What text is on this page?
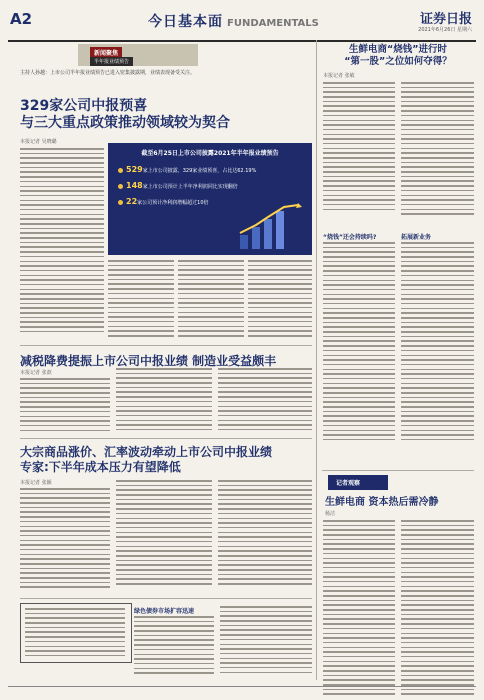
A2	今日基本面 FUNDAMENTALS	证券日报
2021年6月26日 星期六
新闻聚焦
半年报业绩预告
主持人孙越：上市公司半年报业绩预告已进入密集披露期，业绩表现备受关注。
329家公司中报预喜
与三大重点政策推动领域较为契合
本报记者 吴晓璐
截至6月25日上市公司披露2021年半年报业绩预告
529家上市公司披露，329家业绩预喜，占比达62.19%
148家上市公司预计上半年净利润同比实现翻倍
22家公司预计净利润增幅超过10倍
减税降费提振上市公司中报业绩 制造业受益颇丰
本报记者 张歆
大宗商品涨价、汇率波动牵动上市公司中报业绩
专家:下半年成本压力有望降低
本报记者 张颖
绿色债券市场扩容迅速
生鲜电商“烧钱”进行时
“第一股”之位如何夺得？
本报记者 张敏
“烧钱”还会持续吗?	拓展新业务
记者观察
生鲜电商 资本热后需冷静
杨洁
